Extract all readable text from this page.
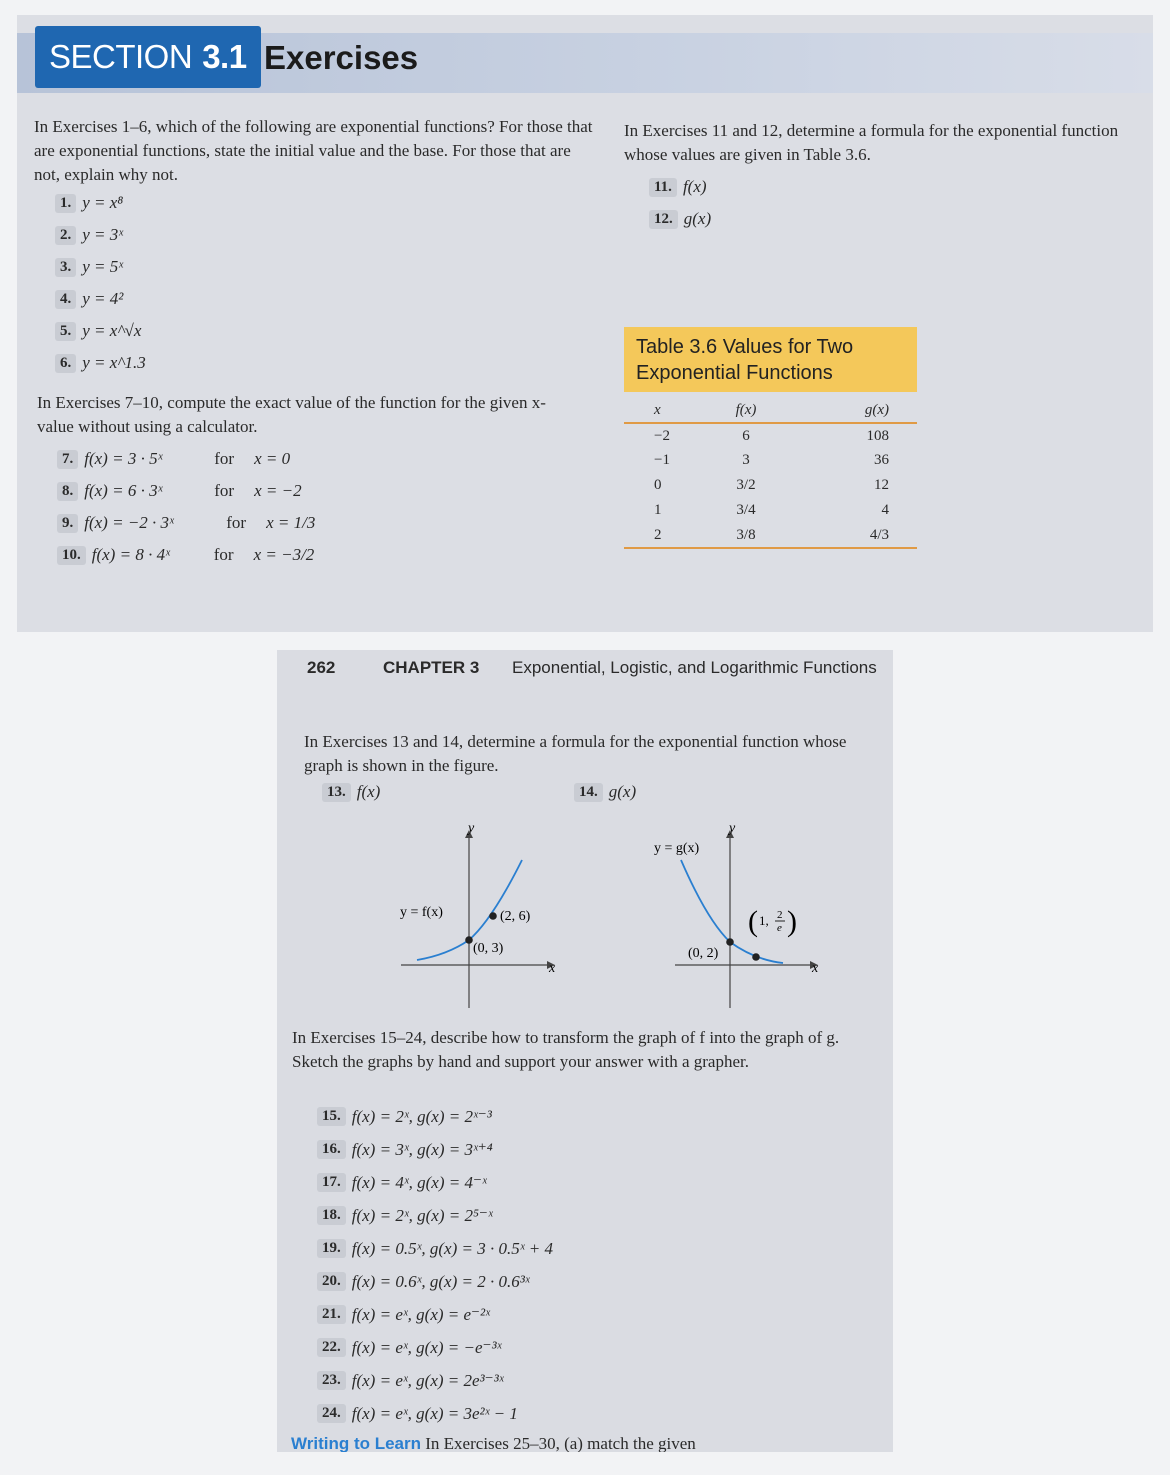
SECTION 3.1 Exercises

In Exercises 1–6, which of the following are exponential functions? For those that are exponential functions, state the initial value and the base. For those that are not, explain why not.

1. y = x⁸
2. y = 3ˣ
3. y = 5ˣ
4. y = 4²
5. y = x^√x
6. y = x^1.3

In Exercises 7–10, compute the exact value of the function for the given x-value without using a calculator.

7. f(x) = 3 · 5ˣ	for x = 0
8. f(x) = 6 · 3ˣ	for x = −2
9. f(x) = −2 · 3ˣ	for x = 1/3
10. f(x) = 8 · 4ˣ	for x = −3/2

In Exercises 11 and 12, determine a formula for the exponential function whose values are given in Table 3.6.

11. f(x)
12. g(x)
Table 3.6 Values for Two
Exponential Functions
x	f(x)	g(x)
−2	6	108
−1	3	36
0	3/2	12
1	3/4	4
2	3/8	4/3
262	CHAPTER 3 Exponential, Logistic, and Logarithmic Functions

In Exercises 13 and 14, determine a formula for the exponential function whose graph is shown in the figure.

13. f(x)	14. g(x)
y
x
y = f(x)	(2, 6)
(0, 3)
y
x
y = g(x)
(0, 2)
( 1, 2
e )

In Exercises 15–24, describe how to transform the graph of f into the graph of g. Sketch the graphs by hand and support your answer with a grapher.

15. f(x) = 2ˣ, g(x) = 2ˣ⁻³
16. f(x) = 3ˣ, g(x) = 3ˣ⁺⁴
17. f(x) = 4ˣ, g(x) = 4⁻ˣ
18. f(x) = 2ˣ, g(x) = 2⁵⁻ˣ
19. f(x) = 0.5ˣ, g(x) = 3 · 0.5ˣ + 4
20. f(x) = 0.6ˣ, g(x) = 2 · 0.6³ˣ
21. f(x) = eˣ, g(x) = e⁻²ˣ
22. f(x) = eˣ, g(x) = −e⁻³ˣ
23. f(x) = eˣ, g(x) = 2e³⁻³ˣ
24. f(x) = eˣ, g(x) = 3e²ˣ − 1
Writing to Learn In Exercises 25–30, (a) match the given
